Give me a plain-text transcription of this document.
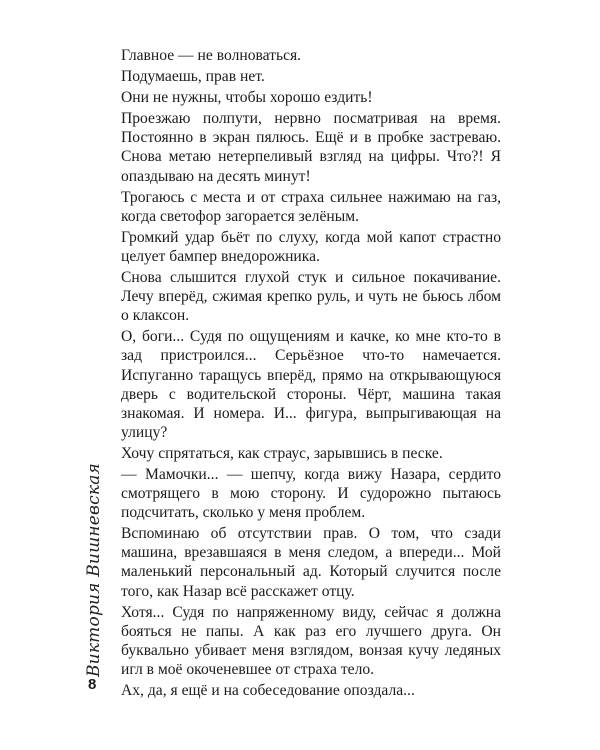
Главное — не волноваться.

Подумаешь, прав нет.

Они не нужны, чтобы хорошо ездить!

Проезжаю полпути, нервно посматривая на время. Постоянно в экран пялюсь. Ещё и в пробке застреваю. Снова метаю нетерпеливый взгляд на цифры. Что?! Я опаздываю на десять минут!

Трогаюсь с места и от страха сильнее нажимаю на газ, когда светофор загорается зелёным.

Громкий удар бьёт по слуху, когда мой капот страстно целует бампер внедорожника.

Снова слышится глухой стук и сильное покачивание. Лечу вперёд, сжимая крепко руль, и чуть не бьюсь лбом о клаксон.

О, боги... Судя по ощущениям и качке, ко мне кто-то в зад пристроился... Серьёзное что-то намечается. Испуганно таращусь вперёд, прямо на открывающуюся дверь с водительской стороны. Чёрт, машина такая знакомая. И номера. И... фигура, выпрыгивающая на улицу?

Хочу спрятаться, как страус, зарывшись в песке.

— Мамочки... — шепчу, когда вижу Назара, сердито смотрящего в мою сторону. И судорожно пытаюсь подсчитать, сколько у меня проблем.

Вспоминаю об отсутствии прав. О том, что сзади машина, врезавшаяся в меня следом, а впереди... Мой маленький персональный ад. Который случится после того, как Назар всё расскажет отцу.

Хотя... Судя по напряженному виду, сейчас я должна бояться не папы. А как раз его лучшего друга. Он буквально убивает меня взглядом, вонзая кучу ледяных игл в моё окоченевшее от страха тело.

Ах, да, я ещё и на собеседование опоздала...

Виктория Вишневская
8
